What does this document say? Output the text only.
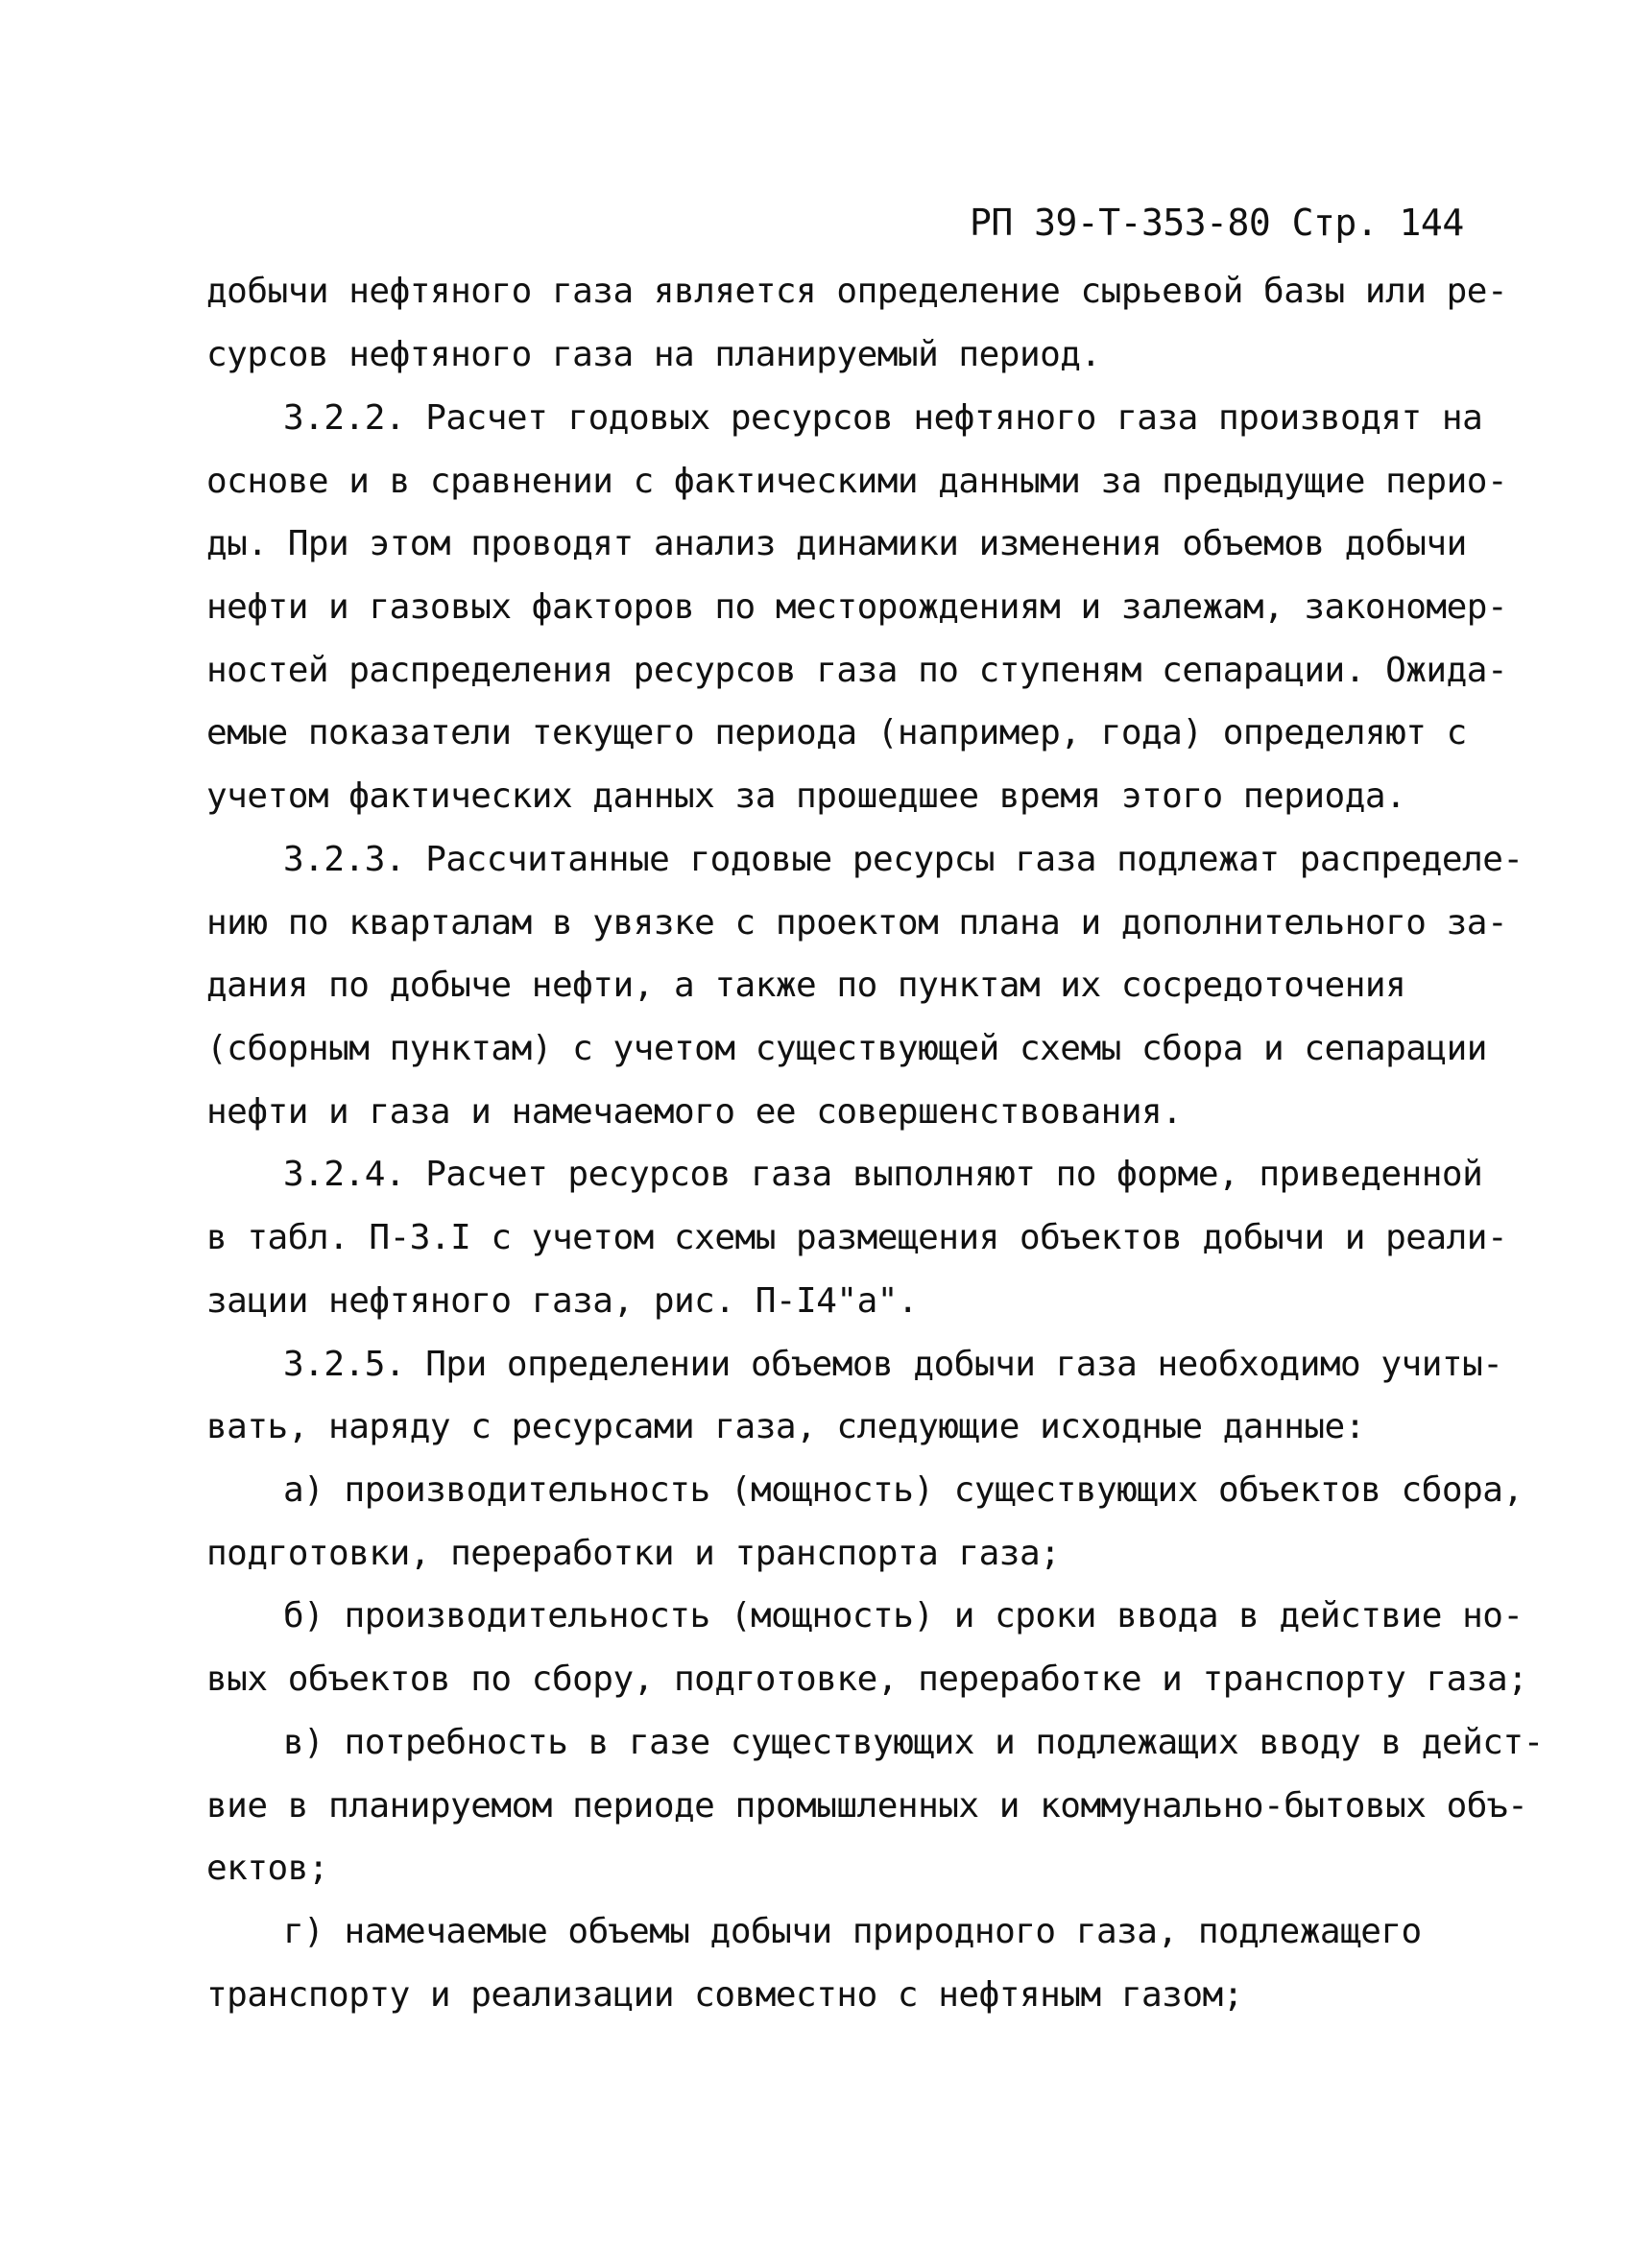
РП 39-Т-353-80 Стр. 144
добычи нефтяного газа является определение сырьевой базы или ре-
сурсов нефтяного газа на планируемый период.
3.2.2. Расчет годовых ресурсов нефтяного газа производят на
основе и в сравнении с фактическими данными за предыдущие перио-
ды. При этом проводят анализ динамики изменения объемов добычи
нефти и газовых факторов по месторождениям и залежам, закономер-
ностей распределения ресурсов газа по ступеням сепарации. Ожида-
емые показатели текущего периода (например, года) определяют с
учетом фактических данных за прошедшее время этого периода.
3.2.3. Рассчитанные годовые ресурсы газа подлежат распределе-
нию по кварталам в увязке с проектом плана и дополнительного за-
дания по добыче нефти, а также по пунктам их сосредоточения
(сборным пунктам) с учетом существующей схемы сбора и сепарации
нефти и газа и намечаемого ее совершенствования.
3.2.4. Расчет ресурсов газа выполняют по форме, приведенной
в табл. П-3.I с учетом схемы размещения объектов добычи и реали-
зации нефтяного газа, рис. П-I4"а".
3.2.5. При определении объемов добычи газа необходимо учиты-
вать, наряду с ресурсами газа, следующие исходные данные:
а) производительность (мощность) существующих объектов сбора,
подготовки, переработки и транспорта газа;
б) производительность (мощность) и сроки ввода в действие но-
вых объектов по сбору, подготовке, переработке и транспорту газа;
в) потребность в газе существующих и подлежащих вводу в дейст-
вие в планируемом периоде промышленных и коммунально-бытовых объ-
ектов;
г) намечаемые объемы добычи природного газа, подлежащего
транспорту и реализации совместно с нефтяным газом;
